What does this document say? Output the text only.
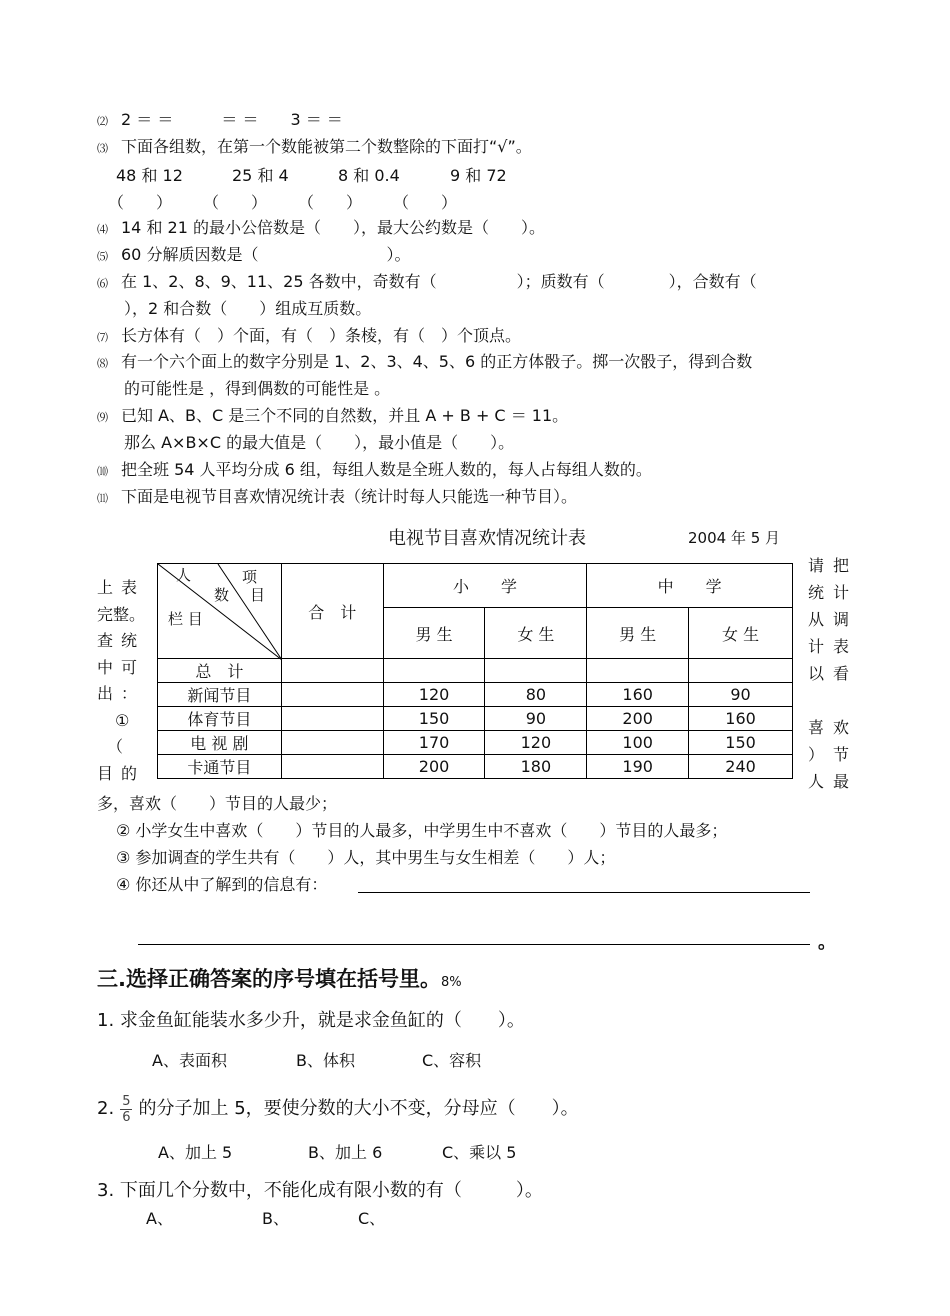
⑵ 2 ＝ ＝　　　＝ ＝　　3 ＝ ＝
⑶ 下面各组数，在第一个数能被第二个数整除的下面打“√”。
48 和 12	25 和 4	8 和 0.4	9 和 72
（　　） （　　） （　　） （　　）
⑷ 14 和 21 的最小公倍数是（　　），最大公约数是（　　）。
⑸ 60 分解质因数是（　　　　　　　　）。
⑹ 在 1、2、8、9、11、25 各数中，奇数有（　　　　　）；质数有（　　　　），合数有（
），2 和合数（　　）组成互质数。
⑺ 长方体有（　）个面，有（　）条棱，有（　）个顶点。
⑻ 有一个六个面上的数字分别是 1、2、3、4、5、6 的正方体骰子。掷一次骰子，得到合数
的可能性是 ，得到偶数的可能性是 。
⑼ 已知 A、B、C 是三个不同的自然数，并且 A + B + C ＝ 11。
那么 A×B×C 的最大值是（　　），最小值是（　　）。
⑽ 把全班 54 人平均分成 6 组，每组人数是全班人数的，每人占每组人数的。
⑾ 下面是电视节目喜欢情况统计表（统计时每人只能选一种节目）。
电视节目喜欢情况统计表	2004 年 5 月
上表
完整。
查统
中可
出：
①
（
目的
请把
统计
从调
计表
以看
喜欢
）节
人最
人 项
数 目
栏 目	合　计	小　　学		中　　学	
		男 生	女 生	男 生	女 生
总　计					
新闻节目		120	80	160	90
体育节目		150	90	200	160
电 视 剧		170	120	100	150
卡通节目		200	180	190	240
多，喜欢（　　）节目的人最少；
② 小学女生中喜欢（　　）节目的人最多，中学男生中不喜欢（　　）节目的人最多；
③ 参加调查的学生共有（　　）人，其中男生与女生相差（　　）人；
④ 你还从中了解到的信息有：
。
三.选择正确答案的序号填在括号里。8%
1. 求金鱼缸能装水多少升，就是求金鱼缸的（　　）。
A、表面积	B、体积	C、容积
2. $\frac{5}{6}$ 的分子加上 5，要使分数的大小不变，分母应（　　）。
A、加上 5	B、加上 6	C、乘以 5
3. 下面几个分数中，不能化成有限小数的有（　　　）。
A、	B、	C、
